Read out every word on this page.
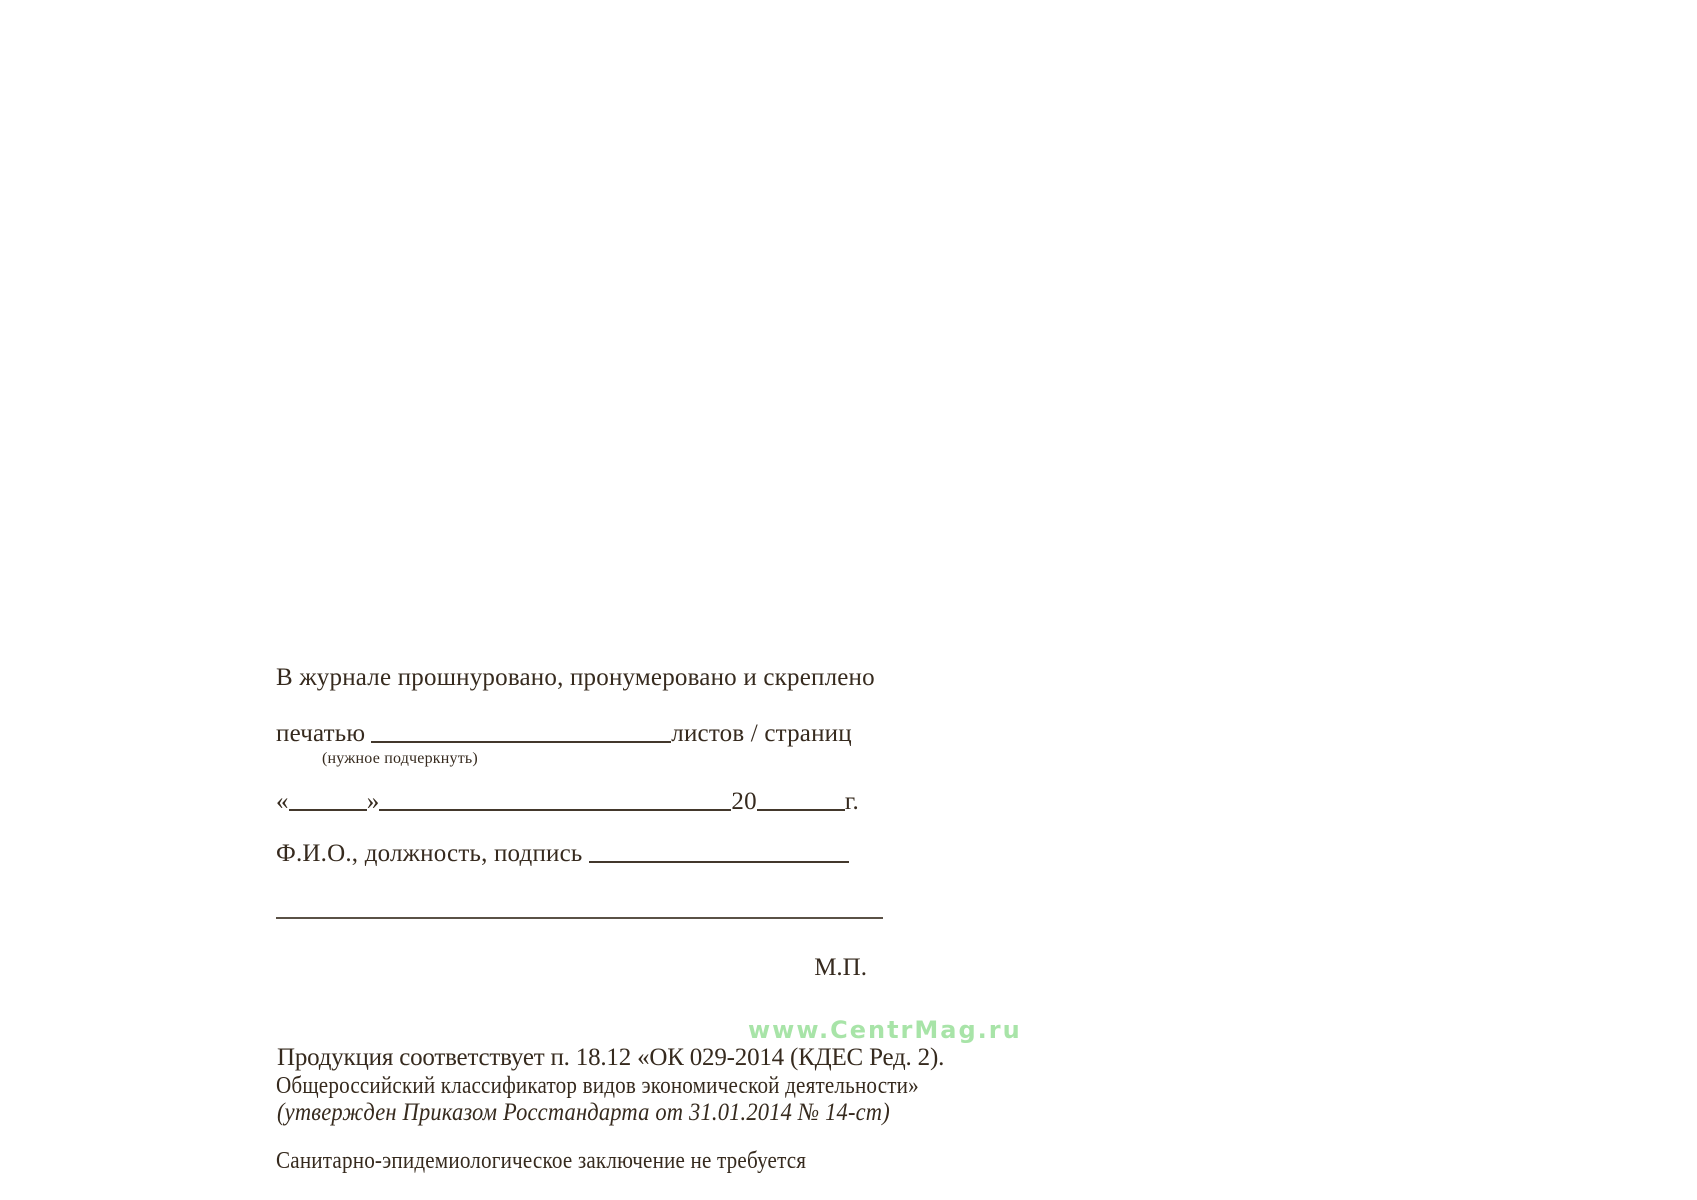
В журнале прошнуровано, пронумеровано и скреплено
печатью	листов / страниц
(нужное подчеркнуть)
«	»	20	г.
Ф.И.О., должность, подпись
М.П.
www.CentrMag.ru
Продукция соответствует п. 18.12 «ОК 029-2014 (КДЕС Ред. 2).
Общероссийский классификатор видов экономической деятельности»
(утвержден Приказом Росстандарта от 31.01.2014 № 14-ст)
Санитарно-эпидемиологическое заключение не требуется
